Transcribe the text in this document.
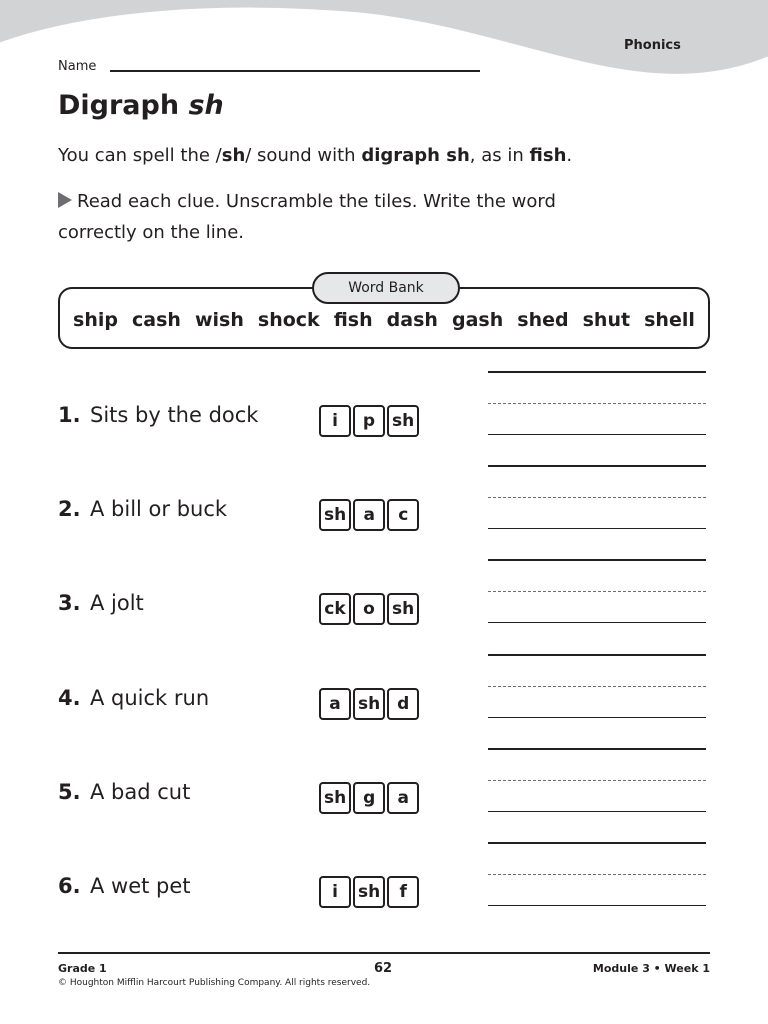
Phonics
Name
Digraph sh

You can spell the /sh/ sound with digraph sh, as in fish.

Read each clue. Unscramble the tiles. Write the word correctly on the line.

Word Bank
ship cash wish shock fish dash gash shed shut shell
1. Sits by the dock	i	p sh
2. A bill or buck	sh	a	c
3. A jolt	ck	o	sh
4. A quick run	a	sh d
5. A bad cut	sh g	a
6. A wet pet	i	sh	f
Grade 1	62	Module 3 • Week 1
© Houghton Mifflin Harcourt Publishing Company. All rights reserved.
